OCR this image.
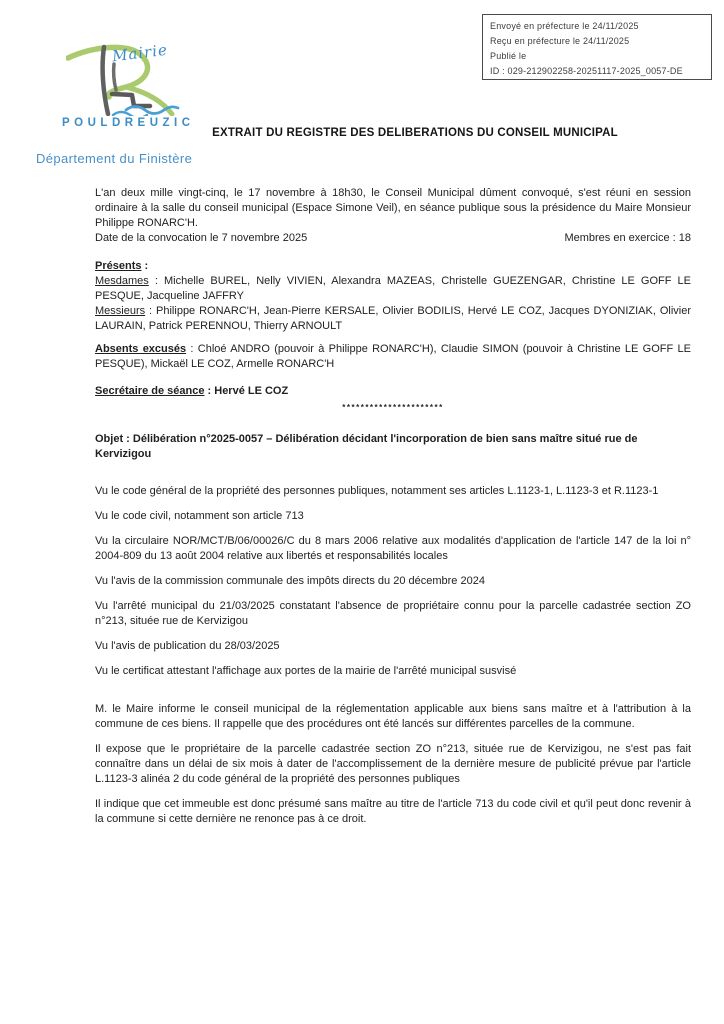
Envoyé en préfecture le 24/11/2025
Reçu en préfecture le 24/11/2025
Publié le
ID : 029-212902258-20251117-2025_0057-DE
Mairie
POULDREUZIC
Département du Finistère
EXTRAIT DU REGISTRE DES DELIBERATIONS DU CONSEIL MUNICIPAL

L'an deux mille vingt-cinq, le 17 novembre à 18h30, le Conseil Municipal dûment convoqué, s'est réuni en session ordinaire à la salle du conseil municipal (Espace Simone Veil), en séance publique sous la présidence du Maire Monsieur Philippe RONARC'H.

Date de la convocation le 7 novembre 2025	Membres en exercice : 18

Présents :

Mesdames : Michelle BUREL, Nelly VIVIEN, Alexandra MAZEAS, Christelle GUEZENGAR, Christine LE GOFF LE PESQUE, Jacqueline JAFFRY

Messieurs : Philippe RONARC'H, Jean-Pierre KERSALE, Olivier BODILIS, Hervé LE COZ, Jacques DYONIZIAK, Olivier LAURAIN, Patrick PERENNOU, Thierry ARNOULT

Absents excusés : Chloé ANDRO (pouvoir à Philippe RONARC'H), Claudie SIMON (pouvoir à Christine LE GOFF LE PESQUE), Mickaël LE COZ, Armelle RONARC'H

Secrétaire de séance : Hervé LE COZ

**********************

Objet : Délibération n°2025-0057 – Délibération décidant l'incorporation de bien sans maître situé rue de Kervizigou

Vu le code général de la propriété des personnes publiques, notamment ses articles L.1123-1, L.1123-3 et R.1123-1

Vu le code civil, notamment son article 713

Vu la circulaire NOR/MCT/B/06/00026/C du 8 mars 2006 relative aux modalités d'application de l'article 147 de la loi n° 2004-809 du 13 août 2004 relative aux libertés et responsabilités locales

Vu l'avis de la commission communale des impôts directs du 20 décembre 2024

Vu l'arrêté municipal du 21/03/2025 constatant l'absence de propriétaire connu pour la parcelle cadastrée section ZO n°213, située rue de Kervizigou

Vu l'avis de publication du 28/03/2025

Vu le certificat attestant l'affichage aux portes de la mairie de l'arrêté municipal susvisé

M. le Maire informe le conseil municipal de la réglementation applicable aux biens sans maître et à l'attribution à la commune de ces biens. Il rappelle que des procédures ont été lancés sur différentes parcelles de la commune.

Il expose que le propriétaire de la parcelle cadastrée section ZO n°213, située rue de Kervizigou, ne s'est pas fait connaître dans un délai de six mois à dater de l'accomplissement de la dernière mesure de publicité prévue par l'article L.1123-3 alinéa 2 du code général de la propriété des personnes publiques

Il indique que cet immeuble est donc présumé sans maître au titre de l'article 713 du code civil et qu'il peut donc revenir à la commune si cette dernière ne renonce pas à ce droit.
